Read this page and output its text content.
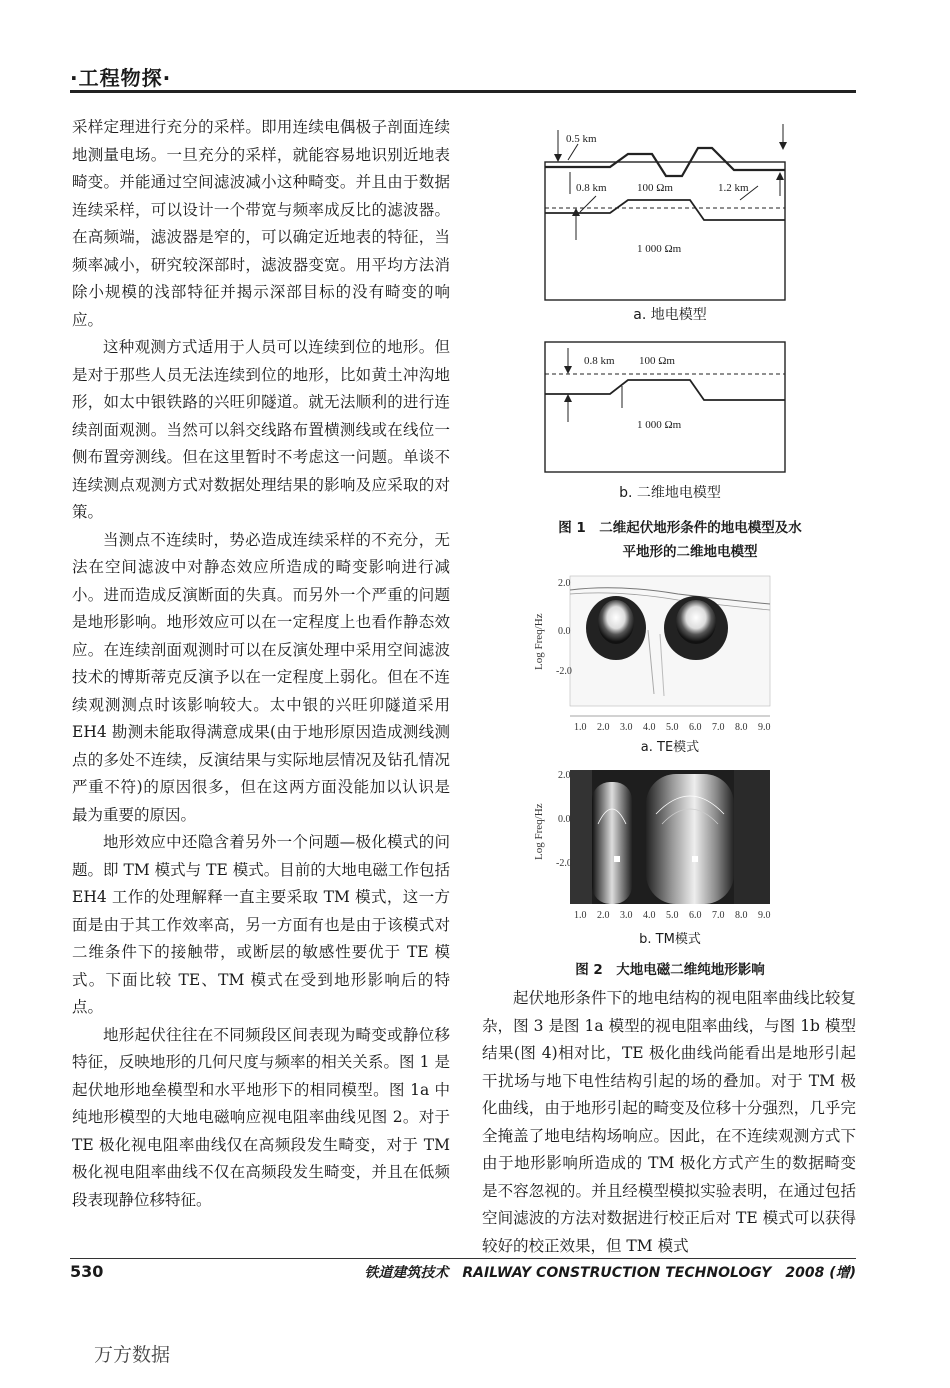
·工程物探·

采样定理进行充分的采样。即用连续电偶极子剖面连续地测量电场。一旦充分的采样，就能容易地识别近地表畸变。并能通过空间滤波减小这种畸变。并且由于数据连续采样，可以设计一个带宽与频率成反比的滤波器。在高频端，滤波器是窄的，可以确定近地表的特征，当频率减小，研究较深部时，滤波器变宽。用平均方法消除小规模的浅部特征并揭示深部目标的没有畸变的响应。

这种观测方式适用于人员可以连续到位的地形。但是对于那些人员无法连续到位的地形，比如黄土冲沟地形，如太中银铁路的兴旺卯隧道。就无法顺利的进行连续剖面观测。当然可以斜交线路布置横测线或在线位一侧布置旁测线。但在这里暂时不考虑这一问题。单谈不连续测点观测方式对数据处理结果的影响及应采取的对策。

当测点不连续时，势必造成连续采样的不充分，无法在空间滤波中对静态效应所造成的畸变影响进行减小。进而造成反演断面的失真。而另外一个严重的问题是地形影响。地形效应可以在一定程度上也看作静态效应。在连续剖面观测时可以在反演处理中采用空间滤波技术的博斯蒂克反演予以在一定程度上弱化。但在不连续观测测点时该影响较大。太中银的兴旺卯隧道采用 EH4 勘测未能取得满意成果(由于地形原因造成测线测点的多处不连续，反演结果与实际地层情况及钻孔情况严重不符)的原因很多，但在这两方面没能加以认识是最为重要的原因。

地形效应中还隐含着另外一个问题—极化模式的问题。即 TM 模式与 TE 模式。目前的大地电磁工作包括 EH4 工作的处理解释一直主要采取 TM 模式，这一方面是由于其工作效率高，另一方面有也是由于该模式对二维条件下的接触带，或断层的敏感性要优于 TE 模式。下面比较 TE、TM 模式在受到地形影响后的特点。

地形起伏往往在不同频段区间表现为畸变或静位移特征，反映地形的几何尺度与频率的相关关系。图 1 是起伏地形地垒模型和水平地形下的相同模型。图 1a 中纯地形模型的大地电磁响应视电阻率曲线见图 2。对于 TE 极化视电阻率曲线仅在高频段发生畸变，对于 TM 极化视电阻率曲线不仅在高频段发生畸变，并且在低频段表现静位移特征。

0.5 km
0.8 km	100 Ωm	1.2 km
1 000 Ωm
a. 地电模型
0.8 km 100 Ωm
1 000 Ωm
b. 二维地电模型
图 1　二维起伏地形条件的地电模型及水
平地形的二维地电模型
Log Freq/Hz
2.0
0.0
-2.0
1.0 2.0 3.0 4.0 5.0 6.0 7.0 8.0 9.0
a. TE模式
Log Freq/Hz
2.0
0.0
-2.0
1.0 2.0 3.0 4.0 5.0 6.0 7.0 8.0 9.0
b. TM模式
图 2　大地电磁二维纯地形影响

起伏地形条件下的地电结构的视电阻率曲线比较复杂，图 3 是图 1a 模型的视电阻率曲线，与图 1b 模型结果(图 4)相对比，TE 极化曲线尚能看出是地形引起干扰场与地下电性结构引起的场的叠加。对于 TM 极化曲线，由于地形引起的畸变及位移十分强烈，几乎完全掩盖了地电结构场响应。因此，在不连续观测方式下由于地形影响所造成的 TM 极化方式产生的数据畸变是不容忽视的。并且经模型模拟实验表明，在通过包括空间滤波的方法对数据进行校正后对 TE 模式可以获得较好的校正效果，但 TM 模式

530	铁道建筑技术　RAILWAY CONSTRUCTION TECHNOLOGY　2008 (增)
万方数据
